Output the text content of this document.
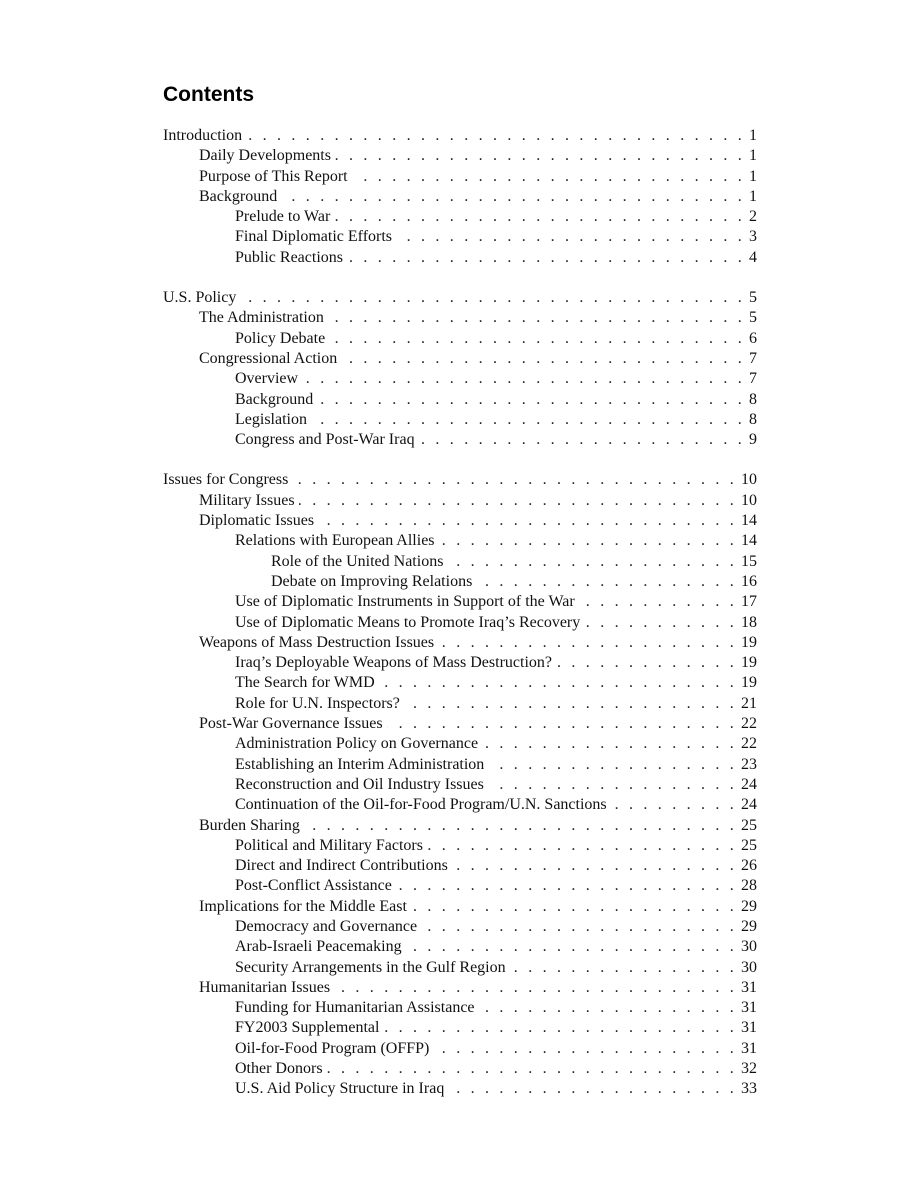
Contents
Introduction . . .	1
Daily Developments . . .	1
Purpose of This Report . . .	1
Background . . .	1
Prelude to War . . .	2
Final Diplomatic Efforts . . .	3
Public Reactions . . .	4
U.S. Policy . . .	5
The Administration . . .	5
Policy Debate . . .	6
Congressional Action . . .	7
Overview . . .	7
Background . . .	8
Legislation . . .	8
Congress and Post-War Iraq . . .	9
Issues for Congress . . .	10
Military Issues . . .	10
Diplomatic Issues . . .	14
Relations with European Allies . . .	14
Role of the United Nations . . .	15
Debate on Improving Relations . . .	16
Use of Diplomatic Instruments in Support of the War . . .	17
Use of Diplomatic Means to Promote Iraq’s Recovery . . .	18
Weapons of Mass Destruction Issues . . .	19
Iraq’s Deployable Weapons of Mass Destruction? . . .	19
The Search for WMD . . .	19
Role for U.N. Inspectors? . . .	21
Post-War Governance Issues . . .	22
Administration Policy on Governance . . .	22
Establishing an Interim Administration . . .	23
Reconstruction and Oil Industry Issues . . .	24
Continuation of the Oil-for-Food Program/U.N. Sanctions . . .	24
Burden Sharing . . .	25
Political and Military Factors . . .	25
Direct and Indirect Contributions . . .	26
Post-Conflict Assistance . . .	28
Implications for the Middle East . . .	29
Democracy and Governance . . .	29
Arab-Israeli Peacemaking . . .	30
Security Arrangements in the Gulf Region . . .	30
Humanitarian Issues . . .	31
Funding for Humanitarian Assistance . . .	31
FY2003 Supplemental . . .	31
Oil-for-Food Program (OFFP) . . .	31
Other Donors . . .	32
U.S. Aid Policy Structure in Iraq . . .	33
